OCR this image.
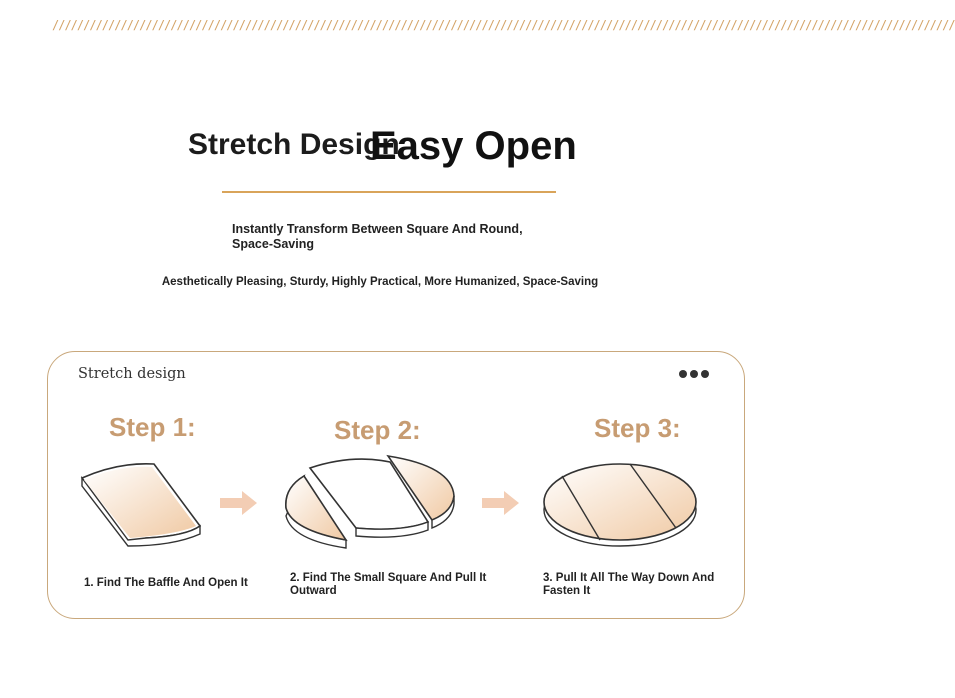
/////////////////////////////////////////////////////////////////////////////////////////////////////////////////////////////////////////////////
Stretch Design
Easy Open
Instantly Transform Between Square And Round, Space-Saving
Aesthetically Pleasing, Sturdy, Highly Practical, More Humanized, Space-Saving
Stretch design
Step 1:	Step 2:	Step 3:
1. Find The Baffle And Open It	2. Find The Small Square And Pull It Outward
3. Pull It All The Way Down And Fasten It
